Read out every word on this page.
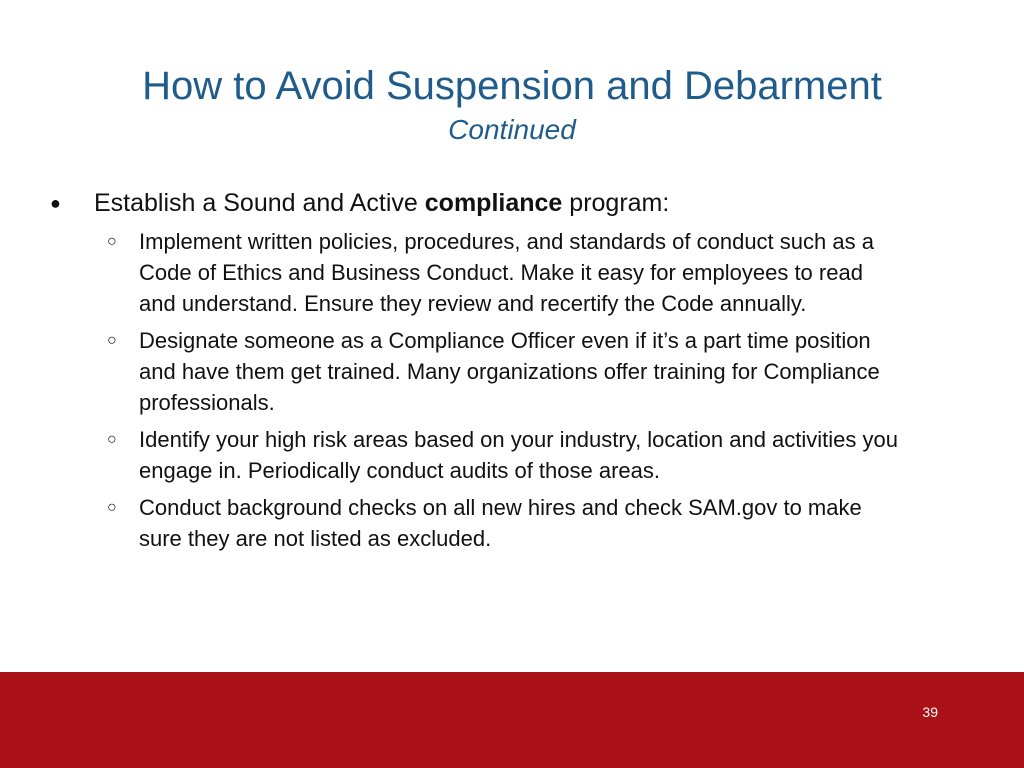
How to Avoid Suspension and Debarment
Continued
●	Establish a Sound and Active compliance program:
○ Implement written policies, procedures, and standards of conduct such as a Code of Ethics and Business Conduct. Make it easy for employees to read and understand. Ensure they review and recertify the Code annually.
○ Designate someone as a Compliance Officer even if it’s a part time position and have them get trained. Many organizations offer training for Compliance professionals.
○ Identify your high risk areas based on your industry, location and activities you engage in. Periodically conduct audits of those areas.
○ Conduct background checks on all new hires and check SAM.gov to make sure they are not listed as excluded.
39
